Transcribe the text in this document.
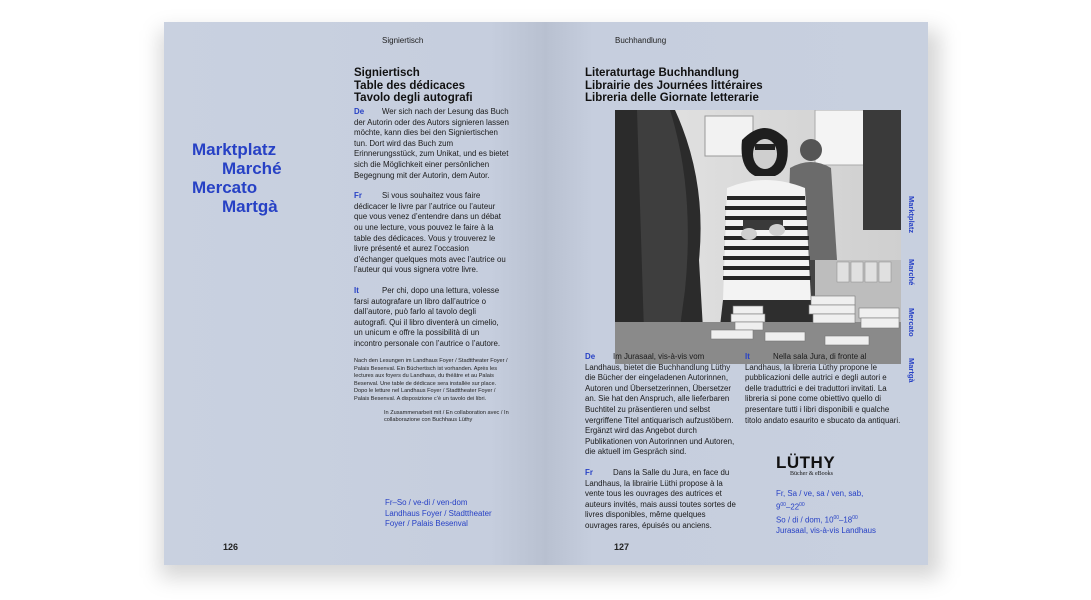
Signiertisch
Marktplatz
Marché
Mercato
Martgà
Signiertisch
Table des dédicaces
Tavolo degli autografi
De Wer sich nach der Lesung das Buch der Autorin oder des Autors signieren lassen möchte, kann dies bei den Signiertischen tun. Dort wird das Buch zum Erinnerungsstück, zum Unikat, und es bietet sich die Möglichkeit einer persönlichen Begegnung mit der Autorin, dem Autor.
Fr	Si vous souhaitez vous faire dédicacer le livre par l’autrice ou l’auteur que vous venez d’entendre dans un débat ou une lecture, vous pouvez le faire à la table des dédicaces. Vous y trouverez le livre présenté et aurez l’occasion d’échanger quelques mots avec l’autrice ou l’auteur qui vous signera votre livre.
It	Per chi, dopo una lettura, volesse farsi autografare un libro dall’autrice o dall’autore, può farlo al tavolo degli autografi. Qui il libro diventerà un cimelio, un unicum e offre la possibilità di un incontro personale con l’autrice o l’autore.
Nach den Lesungen im Landhaus Foyer / Stadttheater Foyer / Palais Besenval. Ein Büchertisch ist vorhanden. Après les lectures aux foyers du Landhaus, du théâtre et au Palais Besenval. Une table de dédicace sera installée sur place. Dopo le letture nel Landhaus Foyer / Stadttheater Foyer / Palais Besenval. A disposizione c’è un tavolo dei libri.
In Zusammenarbeit mit / En collaboration avec / In collaborazione con Buchhaus Lüthy
Fr–So / ve-di / ven-dom
Landhaus Foyer / Stadttheater
Foyer / Palais Besenval
126
Buchhandlung
Literaturtage Buchhandlung
Librairie des Journées littéraires
Libreria delle Giornate letterarie
Marktplatz
Marché
Mercato
Martgà
De Im Jurasaal, vis-à-vis vom Landhaus, bietet die Buchhandlung Lüthy die Bücher der eingeladenen Autorinnen, Autoren und Übersetzerinnen, Übersetzer an. Sie hat den Anspruch, alle lieferbaren Buchtitel zu präsentieren und selbst vergriffene Titel antiquarisch aufzustöbern. Ergänzt wird das Angebot durch Publikationen von Autorinnen und Autoren, die aktuell im Gespräch sind.
Fr	Dans la Salle du Jura, en face du Landhaus, la librairie Lüthi propose à la vente tous les ouvrages des autrices et auteurs invités, mais aussi toutes sortes de livres disponibles, même quelques ouvrages rares, épuisés ou anciens.
It	Nella sala Jura, di fronte al Landhaus, la libreria Lüthy propone le pubblicazioni delle autrici e degli autori e delle traduttrici e dei traduttori invitati. La libreria si pone come obiettivo quello di presentare tutti i libri disponibili e qualche titolo andato esaurito e sbucato da antiquari.
LÜTHY
Bücher & eBooks
Fr, Sa / ve, sa / ven, sab,
$9^{00}-22^{00}$
So / di / dom, $10^{00}-18^{00}$
Jurasaal, vis-à-vis Landhaus
127
